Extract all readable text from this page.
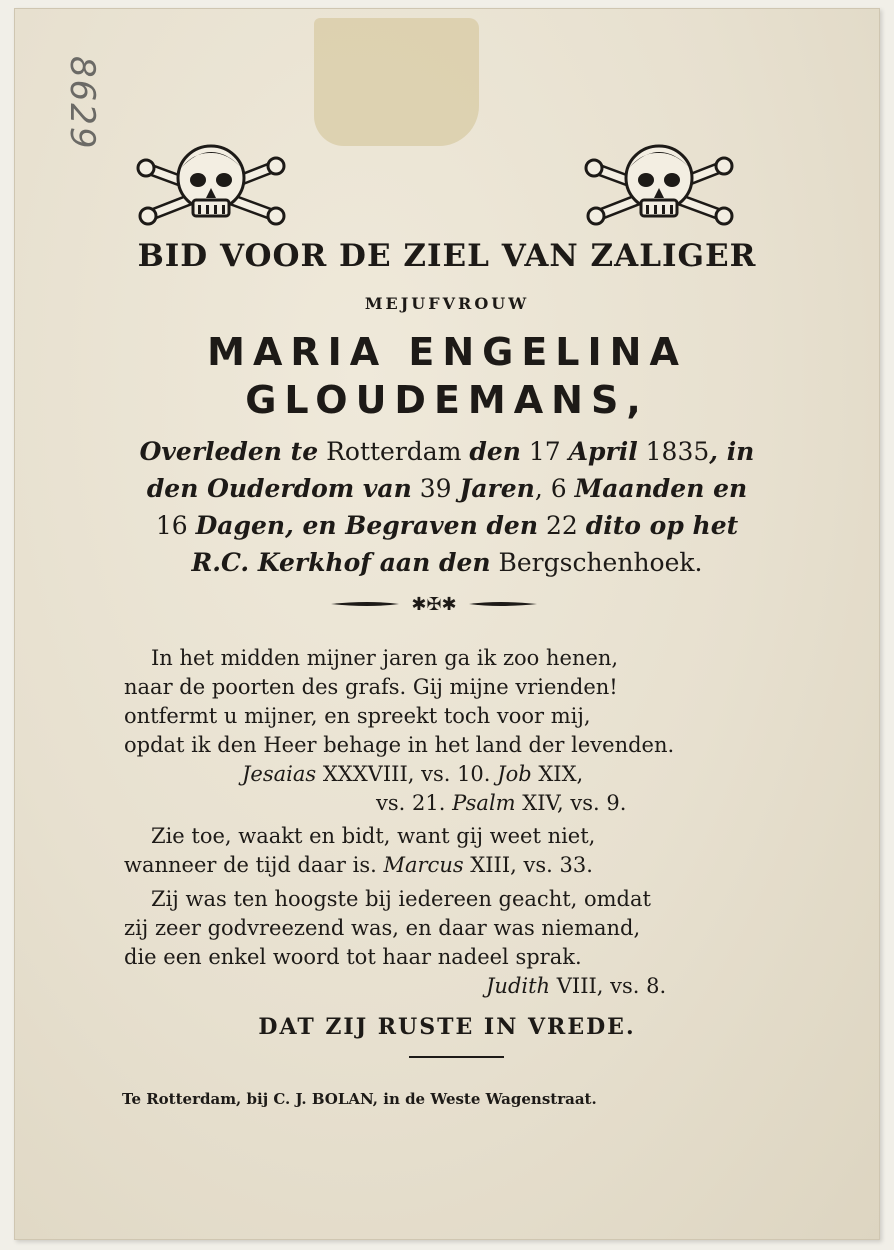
8629
BID VOOR DE ZIEL VAN ZALIGER
MEJUFVROUW
MARIA ENGELINA
GLOUDEMANS,
Overleden te Rotterdam den 17 April 1835, in
den Ouderdom van 39 Jaren, 6 Maanden en
16 Dagen, en Begraven den 22 dito op het
R.C. Kerkhof aan den Bergschenhoek.
✱✠✱
In het midden mijner jaren ga ik zoo henen,
naar de poorten des grafs. Gij mijne vrienden!
ontfermt u mijner, en spreekt toch voor mij,
opdat ik den Heer behage in het land der levenden.
Jesaias XXXVIII, vs. 10. Job XIX,
vs. 21. Psalm XIV, vs. 9.
Zie toe, waakt en bidt, want gij weet niet,
wanneer de tijd daar is. Marcus XIII, vs. 33.
Zij was ten hoogste bij iedereen geacht, omdat
zij zeer godvreezend was, en daar was niemand,
die een enkel woord tot haar nadeel sprak.
Judith VIII, vs. 8.
DAT ZIJ RUSTE IN VREDE.
Te Rotterdam, bij C. J. BOLAN, in de Weste Wagenstraat.
